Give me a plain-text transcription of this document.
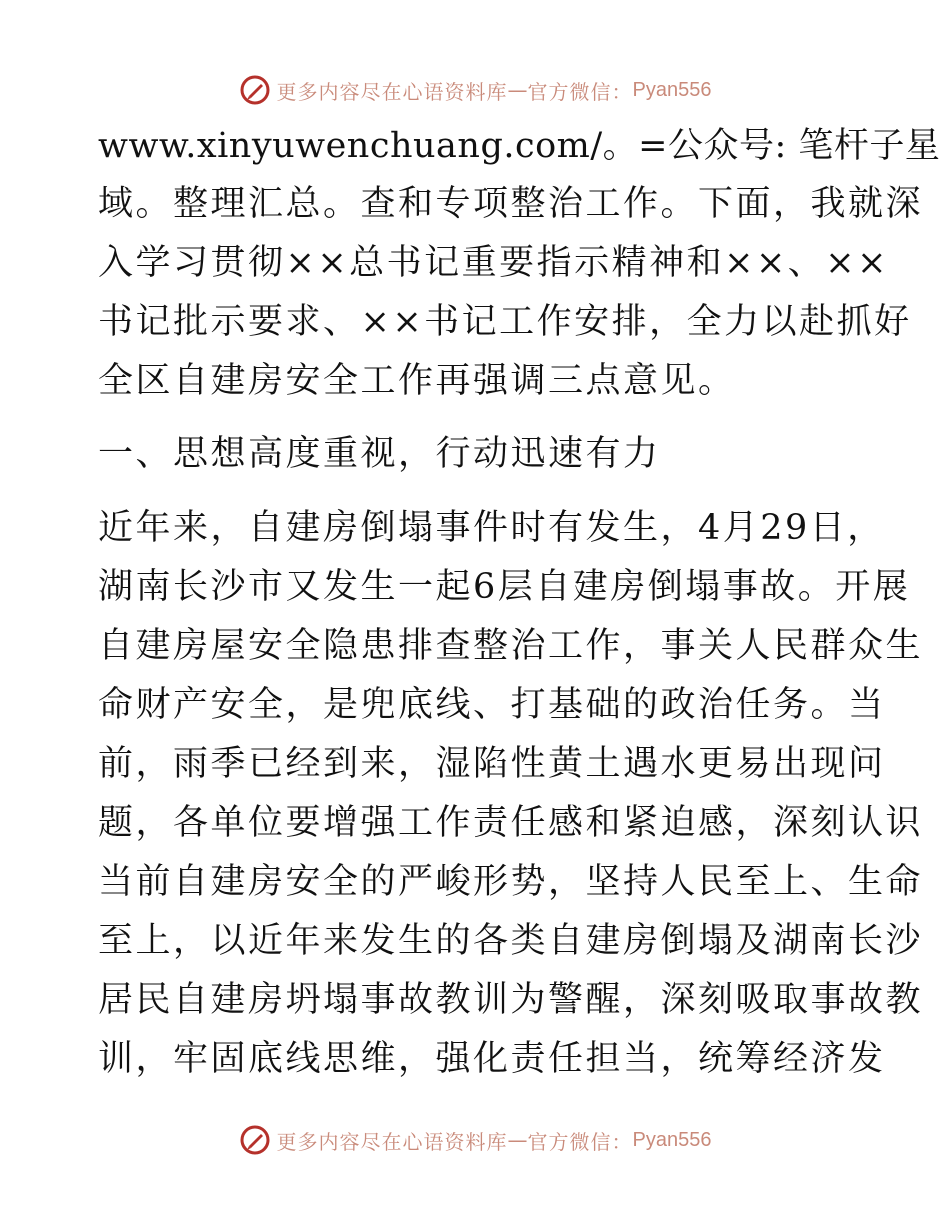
更多内容尽在心语资料库 — 官方微信： Pyan556
www.xinyuwenchuang.com/。=公众号: 笔杆子星
域。整理汇总。查和专项整治工作。下面，我就深
入学习贯彻××总书记重要指示精神和××、××
书记批示要求、××书记工作安排，全力以赴抓好
全区自建房安全工作再强调三点意见。
一、思想高度重视，行动迅速有力
近年来，自建房倒塌事件时有发生，4月29日，
湖南长沙市又发生一起6层自建房倒塌事故。开展
自建房屋安全隐患排查整治工作，事关人民群众生
命财产安全，是兜底线、打基础的政治任务。当
前，雨季已经到来，湿陷性黄土遇水更易出现问
题，各单位要增强工作责任感和紧迫感，深刻认识
当前自建房安全的严峻形势，坚持人民至上、生命
至上，以近年来发生的各类自建房倒塌及湖南长沙
居民自建房坍塌事故教训为警醒，深刻吸取事故教
训，牢固底线思维，强化责任担当，统筹经济发
更多内容尽在心语资料库 — 官方微信： Pyan556
